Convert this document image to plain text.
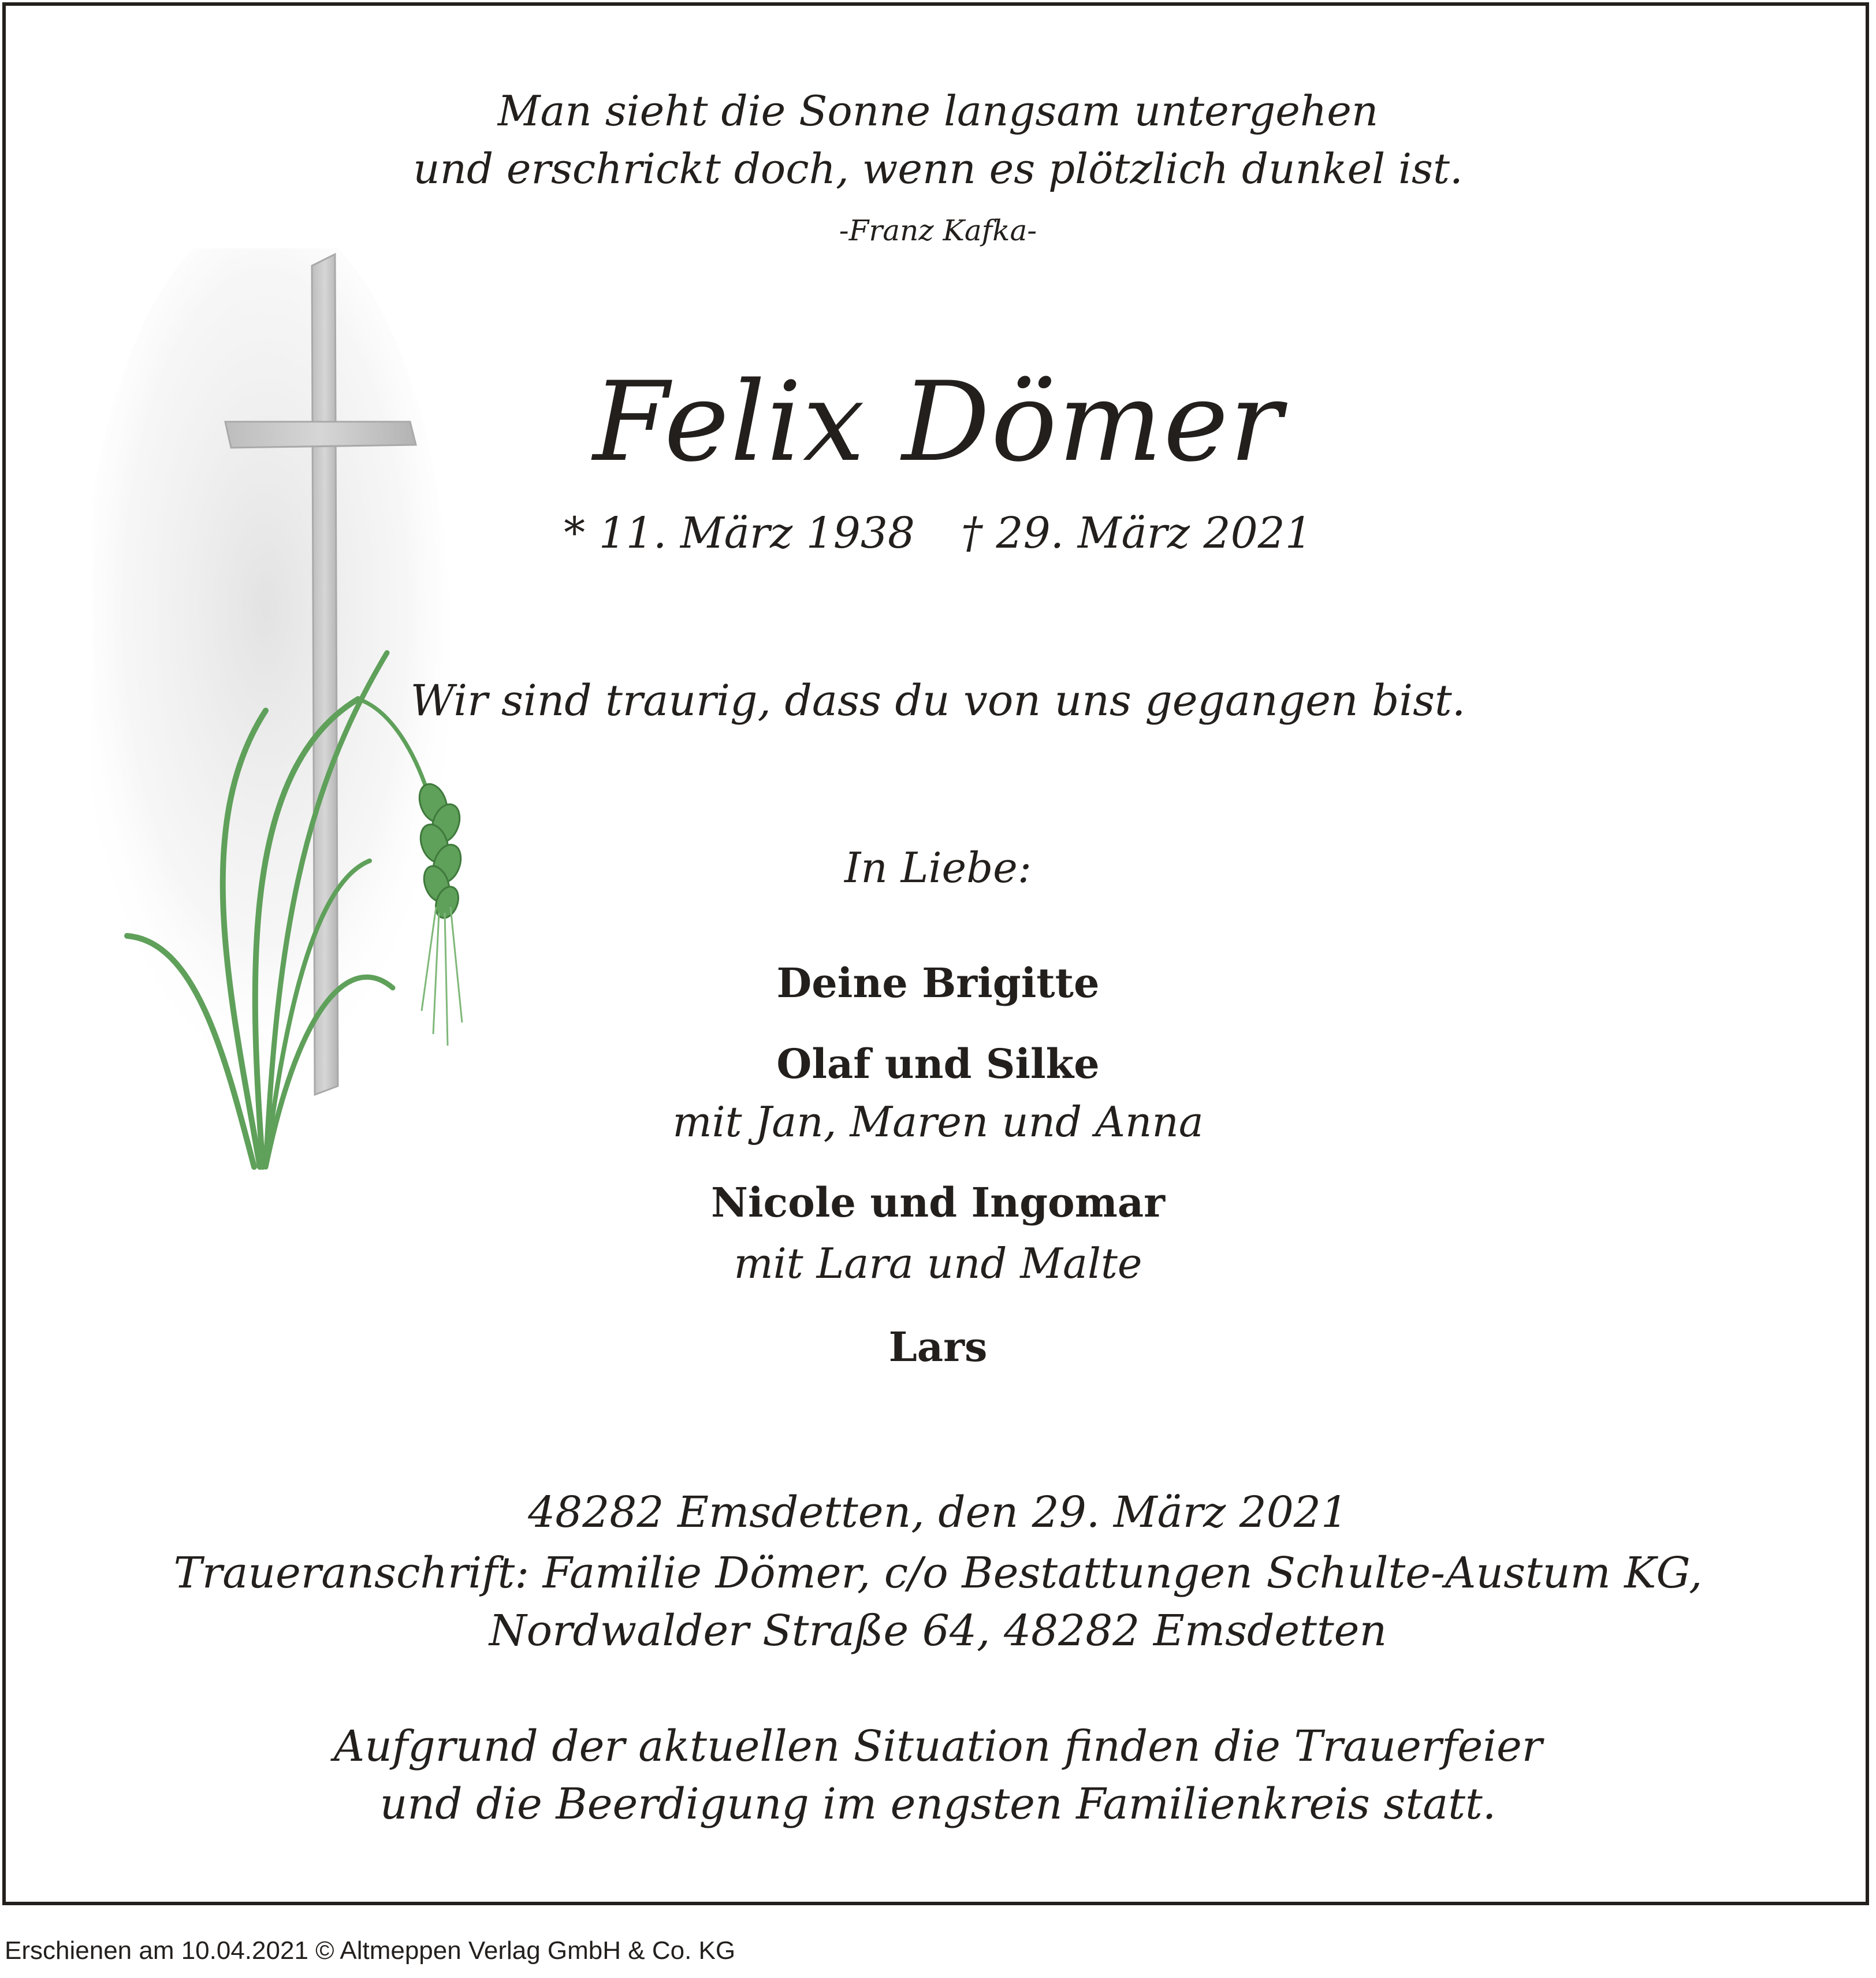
Man sieht die Sonne langsam untergehen
und erschrickt doch, wenn es plötzlich dunkel ist.
-Franz Kafka-
Felix Dömer
* 11. März 1938 † 29. März 2021
Wir sind traurig, dass du von uns gegangen bist.
In Liebe:
Deine Brigitte
Olaf und Silke
mit Jan, Maren und Anna
Nicole und Ingomar
mit Lara und Malte
Lars
48282 Emsdetten, den 29. März 2021
Traueranschrift: Familie Dömer, c/o Bestattungen Schulte-Austum KG,
Nordwalder Straße 64, 48282 Emsdetten
Aufgrund der aktuellen Situation finden die Trauerfeier
und die Beerdigung im engsten Familienkreis statt.
Erschienen am 10.04.2021 © Altmeppen Verlag GmbH & Co. KG
